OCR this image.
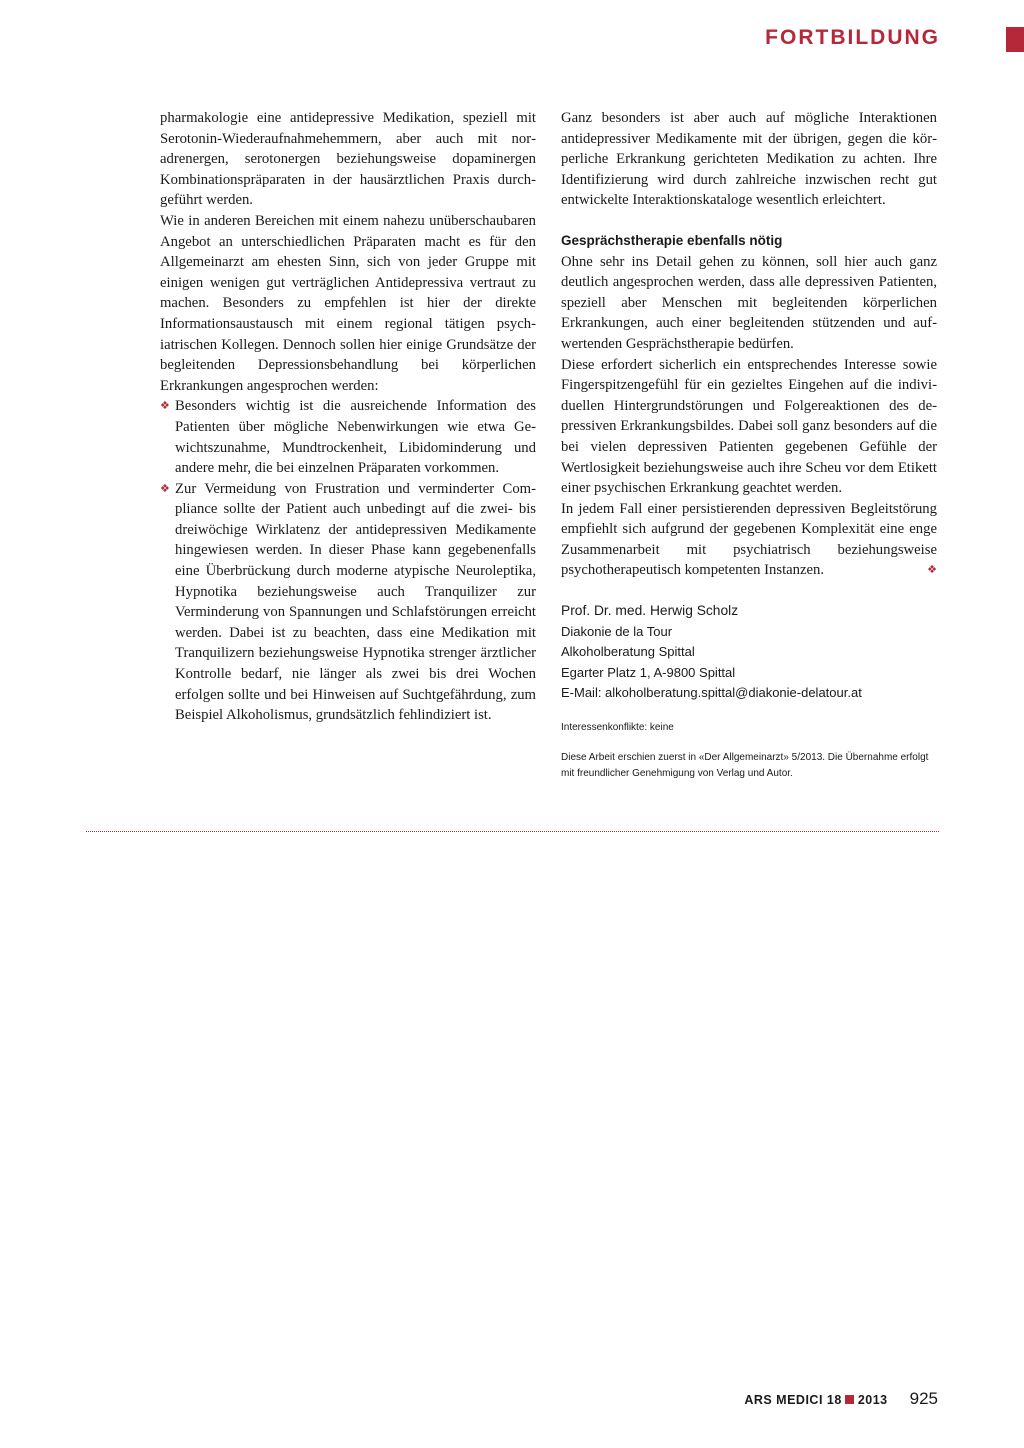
FORTBILDUNG

pharmakologie eine antidepressive Medikation, speziell mit Serotonin-Wiederaufnahmehemmern, aber auch mit noradrenergen, serotonergen beziehungsweise dopaminergen Kombinationspräparaten in der hausärztlichen Praxis durchgeführt werden.

Wie in anderen Bereichen mit einem nahezu unüberschaubaren Angebot an unterschiedlichen Präparaten macht es für den Allgemeinarzt am ehesten Sinn, sich von jeder Gruppe mit einigen wenigen gut verträglichen Antidepressiva vertraut zu machen. Besonders zu empfehlen ist hier der direkte Informationsaustausch mit einem regional tätigen psychiatrischen Kollegen. Dennoch sollen hier einige Grundsätze der begleitenden Depressionsbehandlung bei körperlichen Erkrankungen angesprochen werden:

❖ Besonders wichtig ist die ausreichende Information des Patienten über mögliche Nebenwirkungen wie etwa Gewichtszunahme, Mundtrockenheit, Libidominderung und andere mehr, die bei einzelnen Präparaten vorkommen.

❖ Zur Vermeidung von Frustration und verminderter Compliance sollte der Patient auch unbedingt auf die zwei- bis dreiwöchige Wirklatenz der antidepressiven Medikamente hingewiesen werden. In dieser Phase kann gegebenenfalls eine Überbrückung durch moderne atypische Neuroleptika, Hypnotika beziehungsweise auch Tranquilizer zur Verminderung von Spannungen und Schlafstörungen erreicht werden. Dabei ist zu beachten, dass eine Medikation mit Tranquilizern beziehungsweise Hypnotika strenger ärztlicher Kontrolle bedarf, nie länger als zwei bis drei Wochen erfolgen sollte und bei Hinweisen auf Suchtgefährdung, zum Beispiel Alkoholismus, grundsätzlich fehlindiziert ist.

Ganz besonders ist aber auch auf mögliche Interaktionen antidepressiver Medikamente mit der übrigen, gegen die körperliche Erkrankung gerichteten Medikation zu achten. Ihre Identifizierung wird durch zahlreiche inzwischen recht gut entwickelte Interaktionskataloge wesentlich erleichtert.

Gesprächstherapie ebenfalls nötig

Ohne sehr ins Detail gehen zu können, soll hier auch ganz deutlich angesprochen werden, dass alle depressiven Patienten, speziell aber Menschen mit begleitenden körperlichen Erkrankungen, auch einer begleitenden stützenden und aufwertenden Gesprächstherapie bedürfen.

Diese erfordert sicherlich ein entsprechendes Interesse sowie Fingerspitzengefühl für ein gezieltes Eingehen auf die individuellen Hintergrundstörungen und Folgereaktionen des depressiven Erkrankungsbildes. Dabei soll ganz besonders auf die bei vielen depressiven Patienten gegebenen Gefühle der Wertlosigkeit beziehungsweise auch ihre Scheu vor dem Etikett einer psychischen Erkrankung geachtet werden.

In jedem Fall einer persistierenden depressiven Begleitstörung empfiehlt sich aufgrund der gegebenen Komplexität eine enge Zusammenarbeit mit psychiatrisch beziehungsweise psychotherapeutisch kompetenten Instanzen.	❖

Prof. Dr. med. Herwig Scholz
Diakonie de la Tour
Alkoholberatung Spittal
Egarter Platz 1, A-9800 Spittal
E-Mail: alkoholberatung.spittal@diakonie-delatour.at
Interessenkonflikte: keine
Diese Arbeit erschien zuerst in «Der Allgemeinarzt» 5/2013. Die Übernahme erfolgt mit freundlicher Genehmigung von Verlag und Autor.
ARS MEDICI 18 2013 925
